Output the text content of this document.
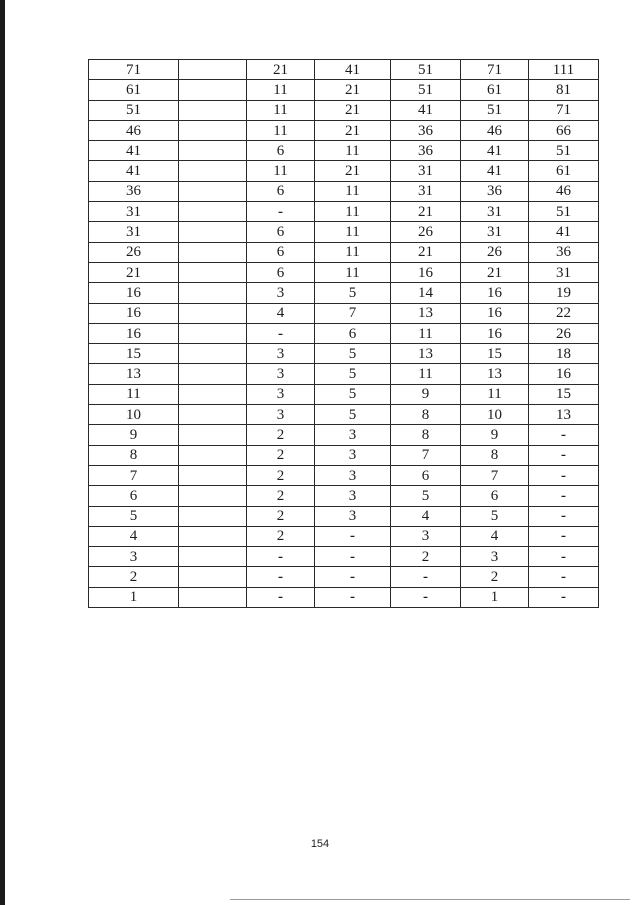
71		21	41	51	71	111
61		11	21	51	61	81
51		11	21	41	51	71
46		11	21	36	46	66
41		6	11	36	41	51
41		11	21	31	41	61
36		6	11	31	36	46
31		-	11	21	31	51
31		6	11	26	31	41
26		6	11	21	26	36
21		6	11	16	21	31
16		3	5	14	16	19
16		4	7	13	16	22
16		-	6	11	16	26
15		3	5	13	15	18
13		3	5	11	13	16
11		3	5	9	11	15
10		3	5	8	10	13
9		2	3	8	9	-
8		2	3	7	8	-
7		2	3	6	7	-
6		2	3	5	6	-
5		2	3	4	5	-
4		2	-	3	4	-
3		-	-	2	3	-
2		-	-	-	2	-
1		-	-	-	1	-
154
